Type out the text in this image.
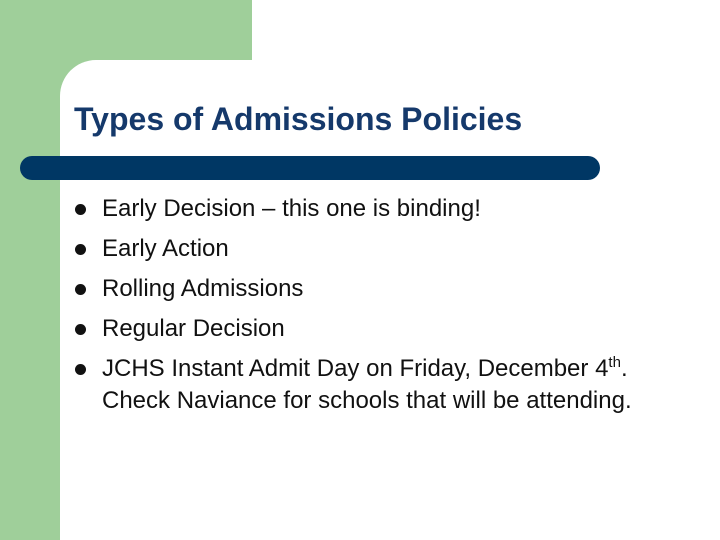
Types of Admissions Policies
Early Decision – this one is binding!
Early Action
Rolling Admissions
Regular Decision
JCHS Instant Admit Day on Friday, December 4th. Check Naviance for schools that will be attending.
